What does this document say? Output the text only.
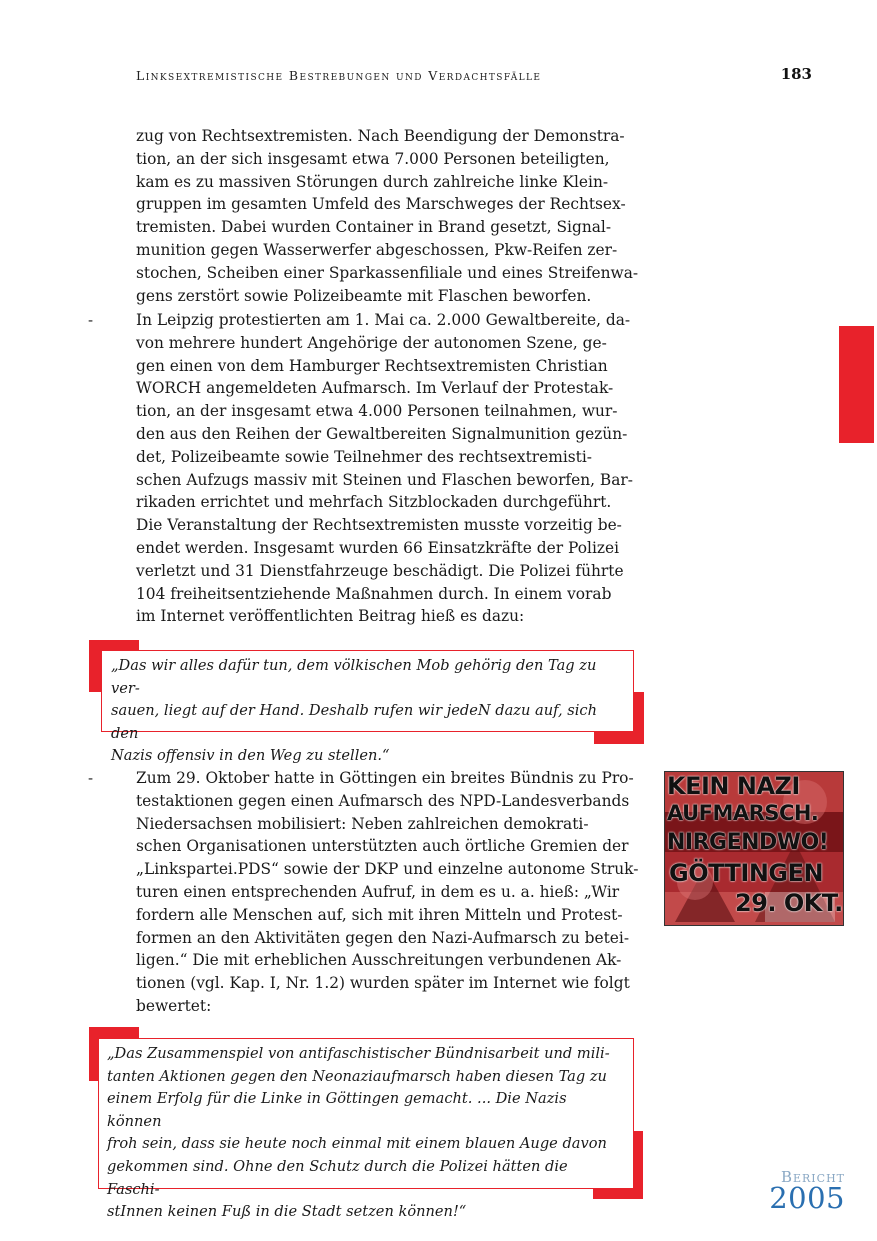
Linksextremistische Bestrebungen und Verdachtsfälle	183
zug von Rechtsextremisten. Nach Beendigung der Demonstra-
tion, an der sich insgesamt etwa 7.000 Personen beteiligten,
kam es zu massiven Störungen durch zahlreiche linke Klein-
gruppen im gesamten Umfeld des Marschweges der Rechtsex-
tremisten. Dabei wurden Container in Brand gesetzt, Signal-
munition gegen Wasserwerfer abgeschossen, Pkw-Reifen zer-
stochen, Scheiben einer Sparkassenfiliale und eines Streifenwa-
gens zerstört sowie Polizeibeamte mit Flaschen beworfen.
-	In Leipzig protestierten am 1. Mai ca. 2.000 Gewaltbereite, da-
von mehrere hundert Angehörige der autonomen Szene, ge-
gen einen von dem Hamburger Rechtsextremisten Christian
WORCH angemeldeten Aufmarsch. Im Verlauf der Protestak-
tion, an der insgesamt etwa 4.000 Personen teilnahmen, wur-
den aus den Reihen der Gewaltbereiten Signalmunition gezün-
det, Polizeibeamte sowie Teilnehmer des rechtsextremisti-
schen Aufzugs massiv mit Steinen und Flaschen beworfen, Bar-
rikaden errichtet und mehrfach Sitzblockaden durchgeführt.
Die Veranstaltung der Rechtsextremisten musste vorzeitig be-
endet werden. Insgesamt wurden 66 Einsatzkräfte der Polizei
verletzt und 31 Dienstfahrzeuge beschädigt. Die Polizei führte
104 freiheitsentziehende Maßnahmen durch. In einem vorab
im Internet veröffentlichten Beitrag hieß es dazu:

„Das wir alles dafür tun, dem völkischen Mob gehörig den Tag zu ver-

sauen, liegt auf der Hand. Deshalb rufen wir jedeN dazu auf, sich den

Nazis offensiv in den Weg zu stellen.“

-	Zum 29. Oktober hatte in Göttingen ein breites Bündnis zu Pro-
testaktionen gegen einen Aufmarsch des NPD-Landesverbands
Niedersachsen mobilisiert: Neben zahlreichen demokrati-
schen Organisationen unterstützten auch örtliche Gremien der
„Linkspartei.PDS“ sowie der DKP und einzelne autonome Struk-
turen einen entsprechenden Aufruf, in dem es u. a. hieß: „Wir
fordern alle Menschen auf, sich mit ihren Mitteln und Protest-
formen an den Aktivitäten gegen den Nazi-Aufmarsch zu betei-
ligen.“ Die mit erheblichen Ausschreitungen verbundenen Ak-
tionen (vgl. Kap. I, Nr. 1.2) wurden später im Internet wie folgt
bewertet:
KEIN NAZI
AUFMARSCH.
NIRGENDWO!
GÖTTINGEN
29. OKT.

„Das Zusammenspiel von antifaschistischer Bündnisarbeit und mili-

tanten Aktionen gegen den Neonaziaufmarsch haben diesen Tag zu

einem Erfolg für die Linke in Göttingen gemacht. ... Die Nazis können

froh sein, dass sie heute noch einmal mit einem blauen Auge davon

gekommen sind. Ohne den Schutz durch die Polizei hätten die Faschi-

stInnen keinen Fuß in die Stadt setzen können!“

Bericht
2005
